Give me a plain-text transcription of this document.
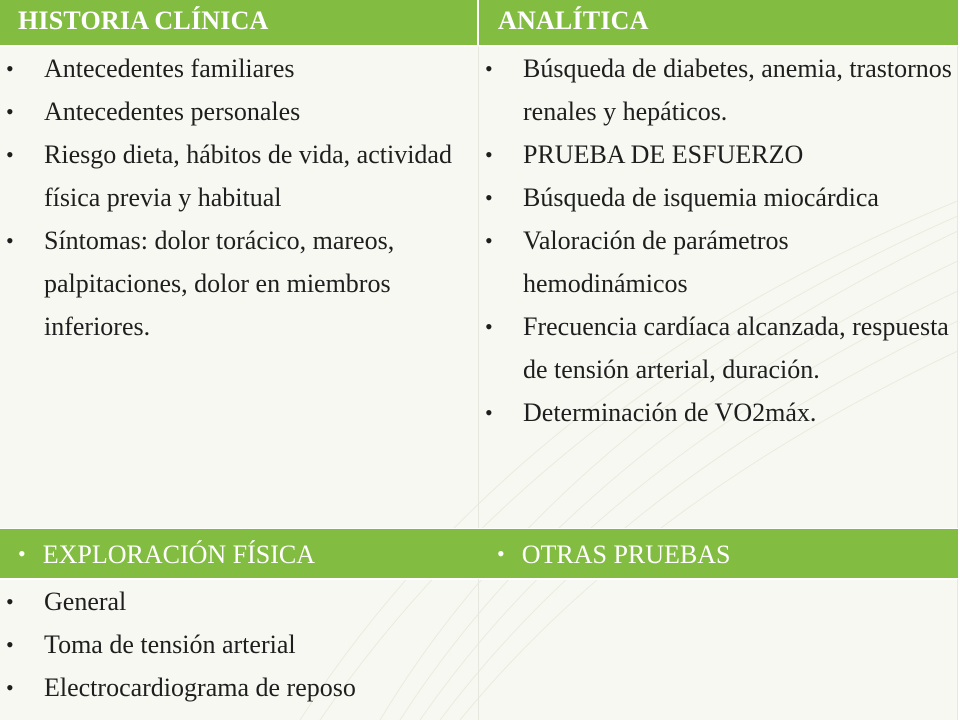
HISTORIA CLÍNICA	ANALÍTICA
• Antecedentes familiares
• Antecedentes personales
• Riesgo dieta, hábitos de vida, actividad física previa y habitual
• Síntomas: dolor torácico, mareos, palpitaciones, dolor en miembros inferiores.
• Búsqueda de diabetes, anemia, trastornos renales y hepáticos.
• PRUEBA DE ESFUERZO
• Búsqueda de isquemia miocárdica
• Valoración de parámetros hemodinámicos
• Frecuencia cardíaca alcanzada, respuesta de tensión arterial, duración.
• Determinación de VO2máx.
• EXPLORACIÓN FÍSICA	• OTRAS PRUEBAS
• General
• Toma de tensión arterial
• Electrocardiograma de reposo
